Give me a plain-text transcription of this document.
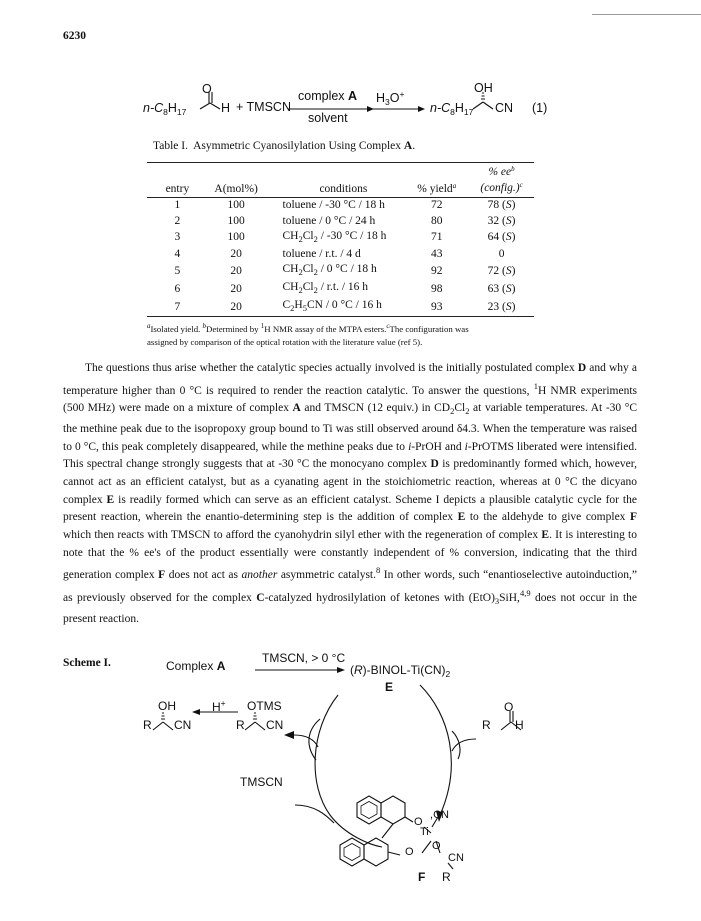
6230
O
$n-C_8H_{17}$	H + TMSCN
complex A
solvent
$H_3O^+$	OH
$n-C_8H_{17}$ CN (1)
Table I. Asymmetric Cyanosilylation Using Complex A.
entry	A(mol%)	conditions	% yield$^a$	% ee$^b$
(config.)$^c$
1	100	toluene / -30 °C / 18 h	72	78 (S)
2	100	toluene / 0 °C / 24 h	80	32 (S)
3	100	$CH_2Cl_2 / -30$ °C / 18 h	71	64 (S)
4	20	toluene / r.t. / 4 d	43	0
5	20	$CH_2Cl_2 / 0$ °C / 18 h	92	72 (S)
6	20	$CH_2Cl_2 / r.t$. / 16 h	98	63 (S)
7	20	$C_2H_5CN / 0$ °C / 16 h	93	23 (S)
$^a$Isolated yield. $^b$Determined by $^1$H NMR assay of the MTPA esters.$^c$The configuration was
assigned by comparison of the optical rotation with the literature value (ref 5).

The questions thus arise whether the catalytic species actually involved is the initially postulated complex D and why a temperature higher than 0 °C is required to render the reaction catalytic. To answer the questions, $^1$H NMR experiments (500 MHz) were made on a mixture of complex A and TMSCN (12 equiv.) in $CD_2Cl_2$ at variable temperatures. At -30 °C the methine peak due to the isopropoxy group bound to Ti was still observed around δ4.3. When the temperature was raised to 0 °C, this peak completely disappeared, while the methine peaks due to i-PrOH and i-PrOTMS liberated were intensified. This spectral change strongly suggests that at -30 °C the monocyano complex D is predominantly formed which, however, cannot act as an efficient catalyst, but as a cyanating agent in the stoichiometric reaction, whereas at 0 °C the dicyano complex E is readily formed which can serve as an efficient catalyst. Scheme I depicts a plausible catalytic cycle for the present reaction, wherein the enantio-determining step is the addition of complex E to the aldehyde to give complex F which then reacts with TMSCN to afford the cyanohydrin silyl ether with the regeneration of complex E. It is interesting to note that the % ee's of the product essentially were constantly independent of % conversion, indicating that the third generation complex F does not act as another asymmetric catalyst.$^8$ In other words, such “enantioselective autoinduction,” as previously observed for the complex C-catalyzed hydrosilylation of ketones with $(EtO)_3SiH,^{4,9}$ does not occur in the present reaction.

Scheme I.	Complex A
TMSCN, > 0 °C
$(R)-BINOL-Ti(CN)_2$
E
OH	H+ OTMS
R CN	R CN
TMSCN
O
R H
O
,CN
Ti
O O
CN
F R
